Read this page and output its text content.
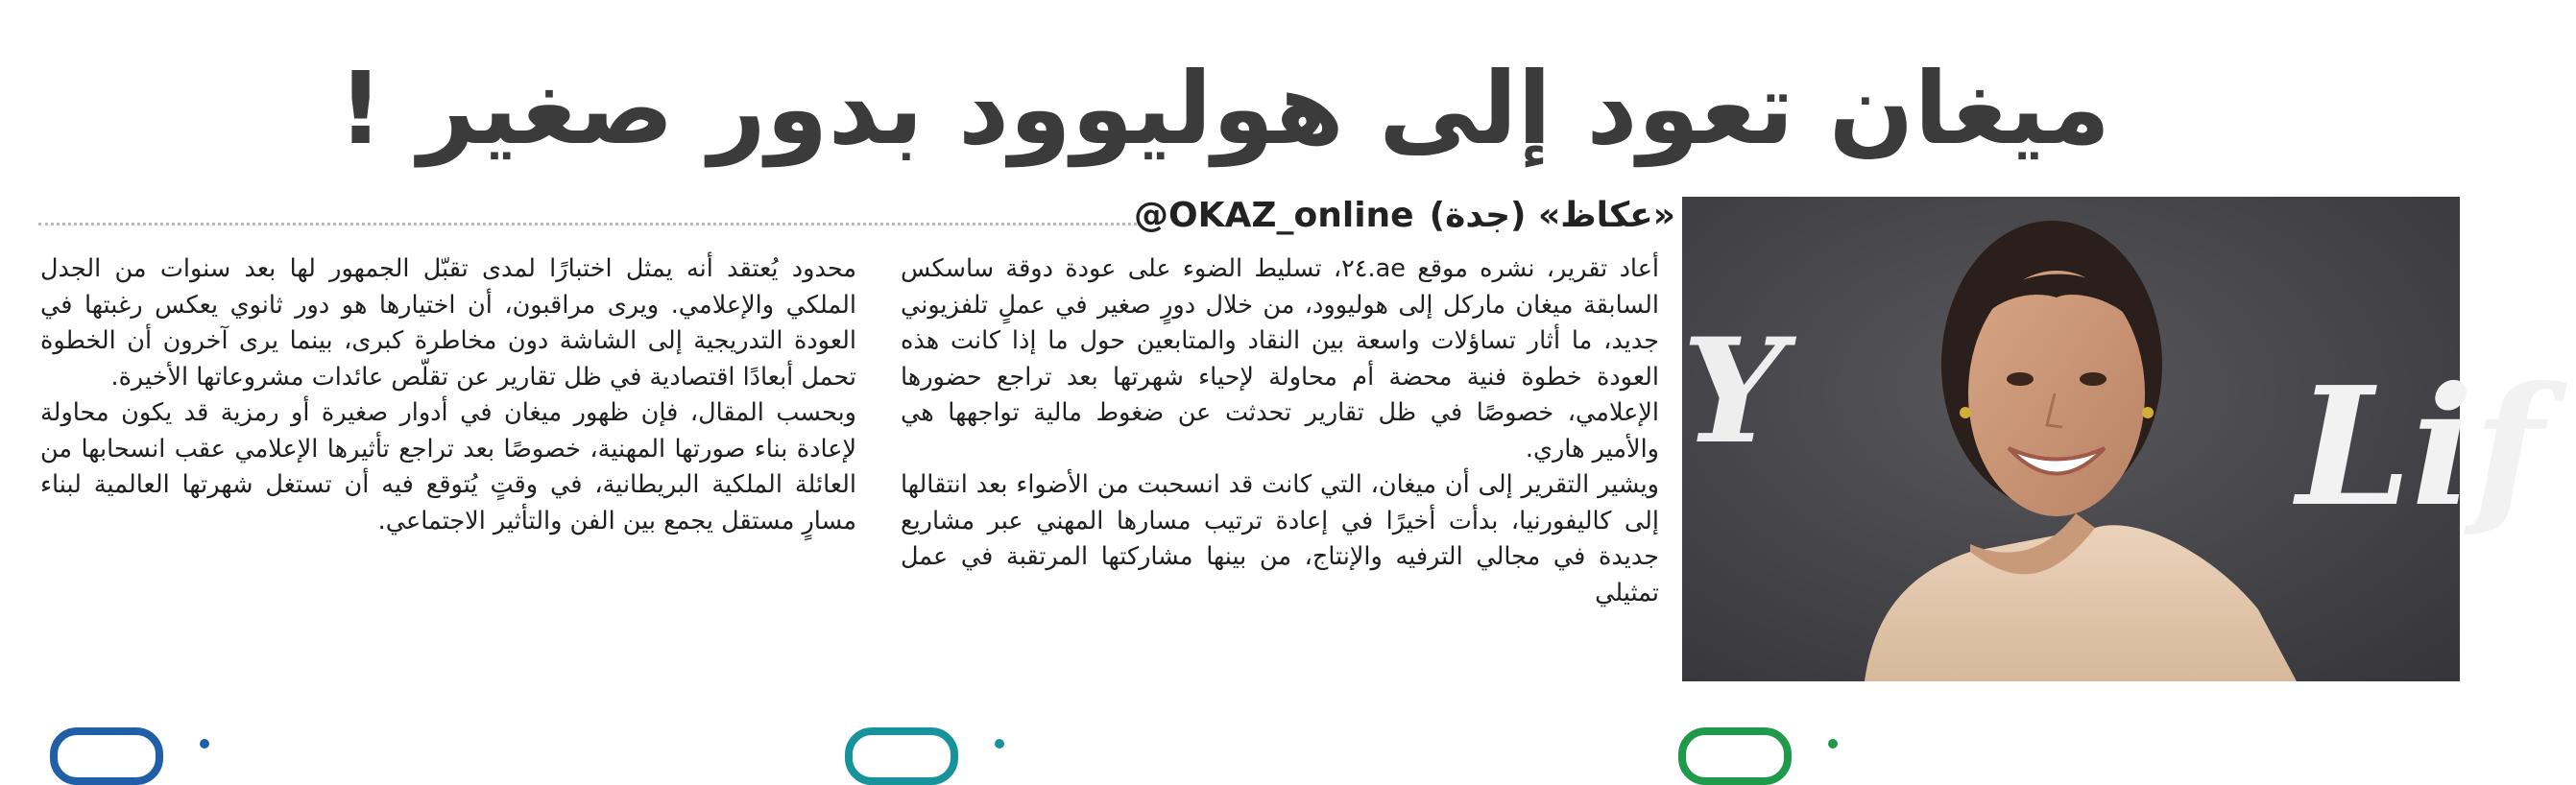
ميغان تعود إلى هوليوود بدور صغير !
«عكاظ» (جدة)
@OKAZ_online
Y	Lif

أعاد تقرير، نشره موقع ae.٢٤، تسليط الضوء على عودة دوقة ساسكس السابقة ميغان ماركل إلى هوليوود، من خلال دورٍ صغير في عملٍ تلفزيوني جديد، ما أثار تساؤلات واسعة بين النقاد والمتابعين حول ما إذا كانت هذه العودة خطوة فنية محضة أم محاولة لإحياء شهرتها بعد تراجع حضورها الإعلامي، خصوصًا في ظل تقارير تحدثت عن ضغوط مالية تواجهها هي والأمير هاري.

ويشير التقرير إلى أن ميغان، التي كانت قد انسحبت من الأضواء بعد انتقالها إلى كاليفورنيا، بدأت أخيرًا في إعادة ترتيب مسارها المهني عبر مشاريع جديدة في مجالي الترفيه والإنتاج، من بينها مشاركتها المرتقبة في عمل تمثيلي

محدود يُعتقد أنه يمثل اختبارًا لمدى تقبّل الجمهور لها بعد سنوات من الجدل الملكي والإعلامي. ويرى مراقبون، أن اختيارها هو دور ثانوي يعكس رغبتها في العودة التدريجية إلى الشاشة دون مخاطرة كبرى، بينما يرى آخرون أن الخطوة تحمل أبعادًا اقتصادية في ظل تقارير عن تقلّص عائدات مشروعاتها الأخيرة.

وبحسب المقال، فإن ظهور ميغان في أدوار صغيرة أو رمزية قد يكون محاولة لإعادة بناء صورتها المهنية، خصوصًا بعد تراجع تأثيرها الإعلامي عقب انسحابها من العائلة الملكية البريطانية، في وقتٍ يُتوقع فيه أن تستغل شهرتها العالمية لبناء مسارٍ مستقل يجمع بين الفن والتأثير الاجتماعي.
